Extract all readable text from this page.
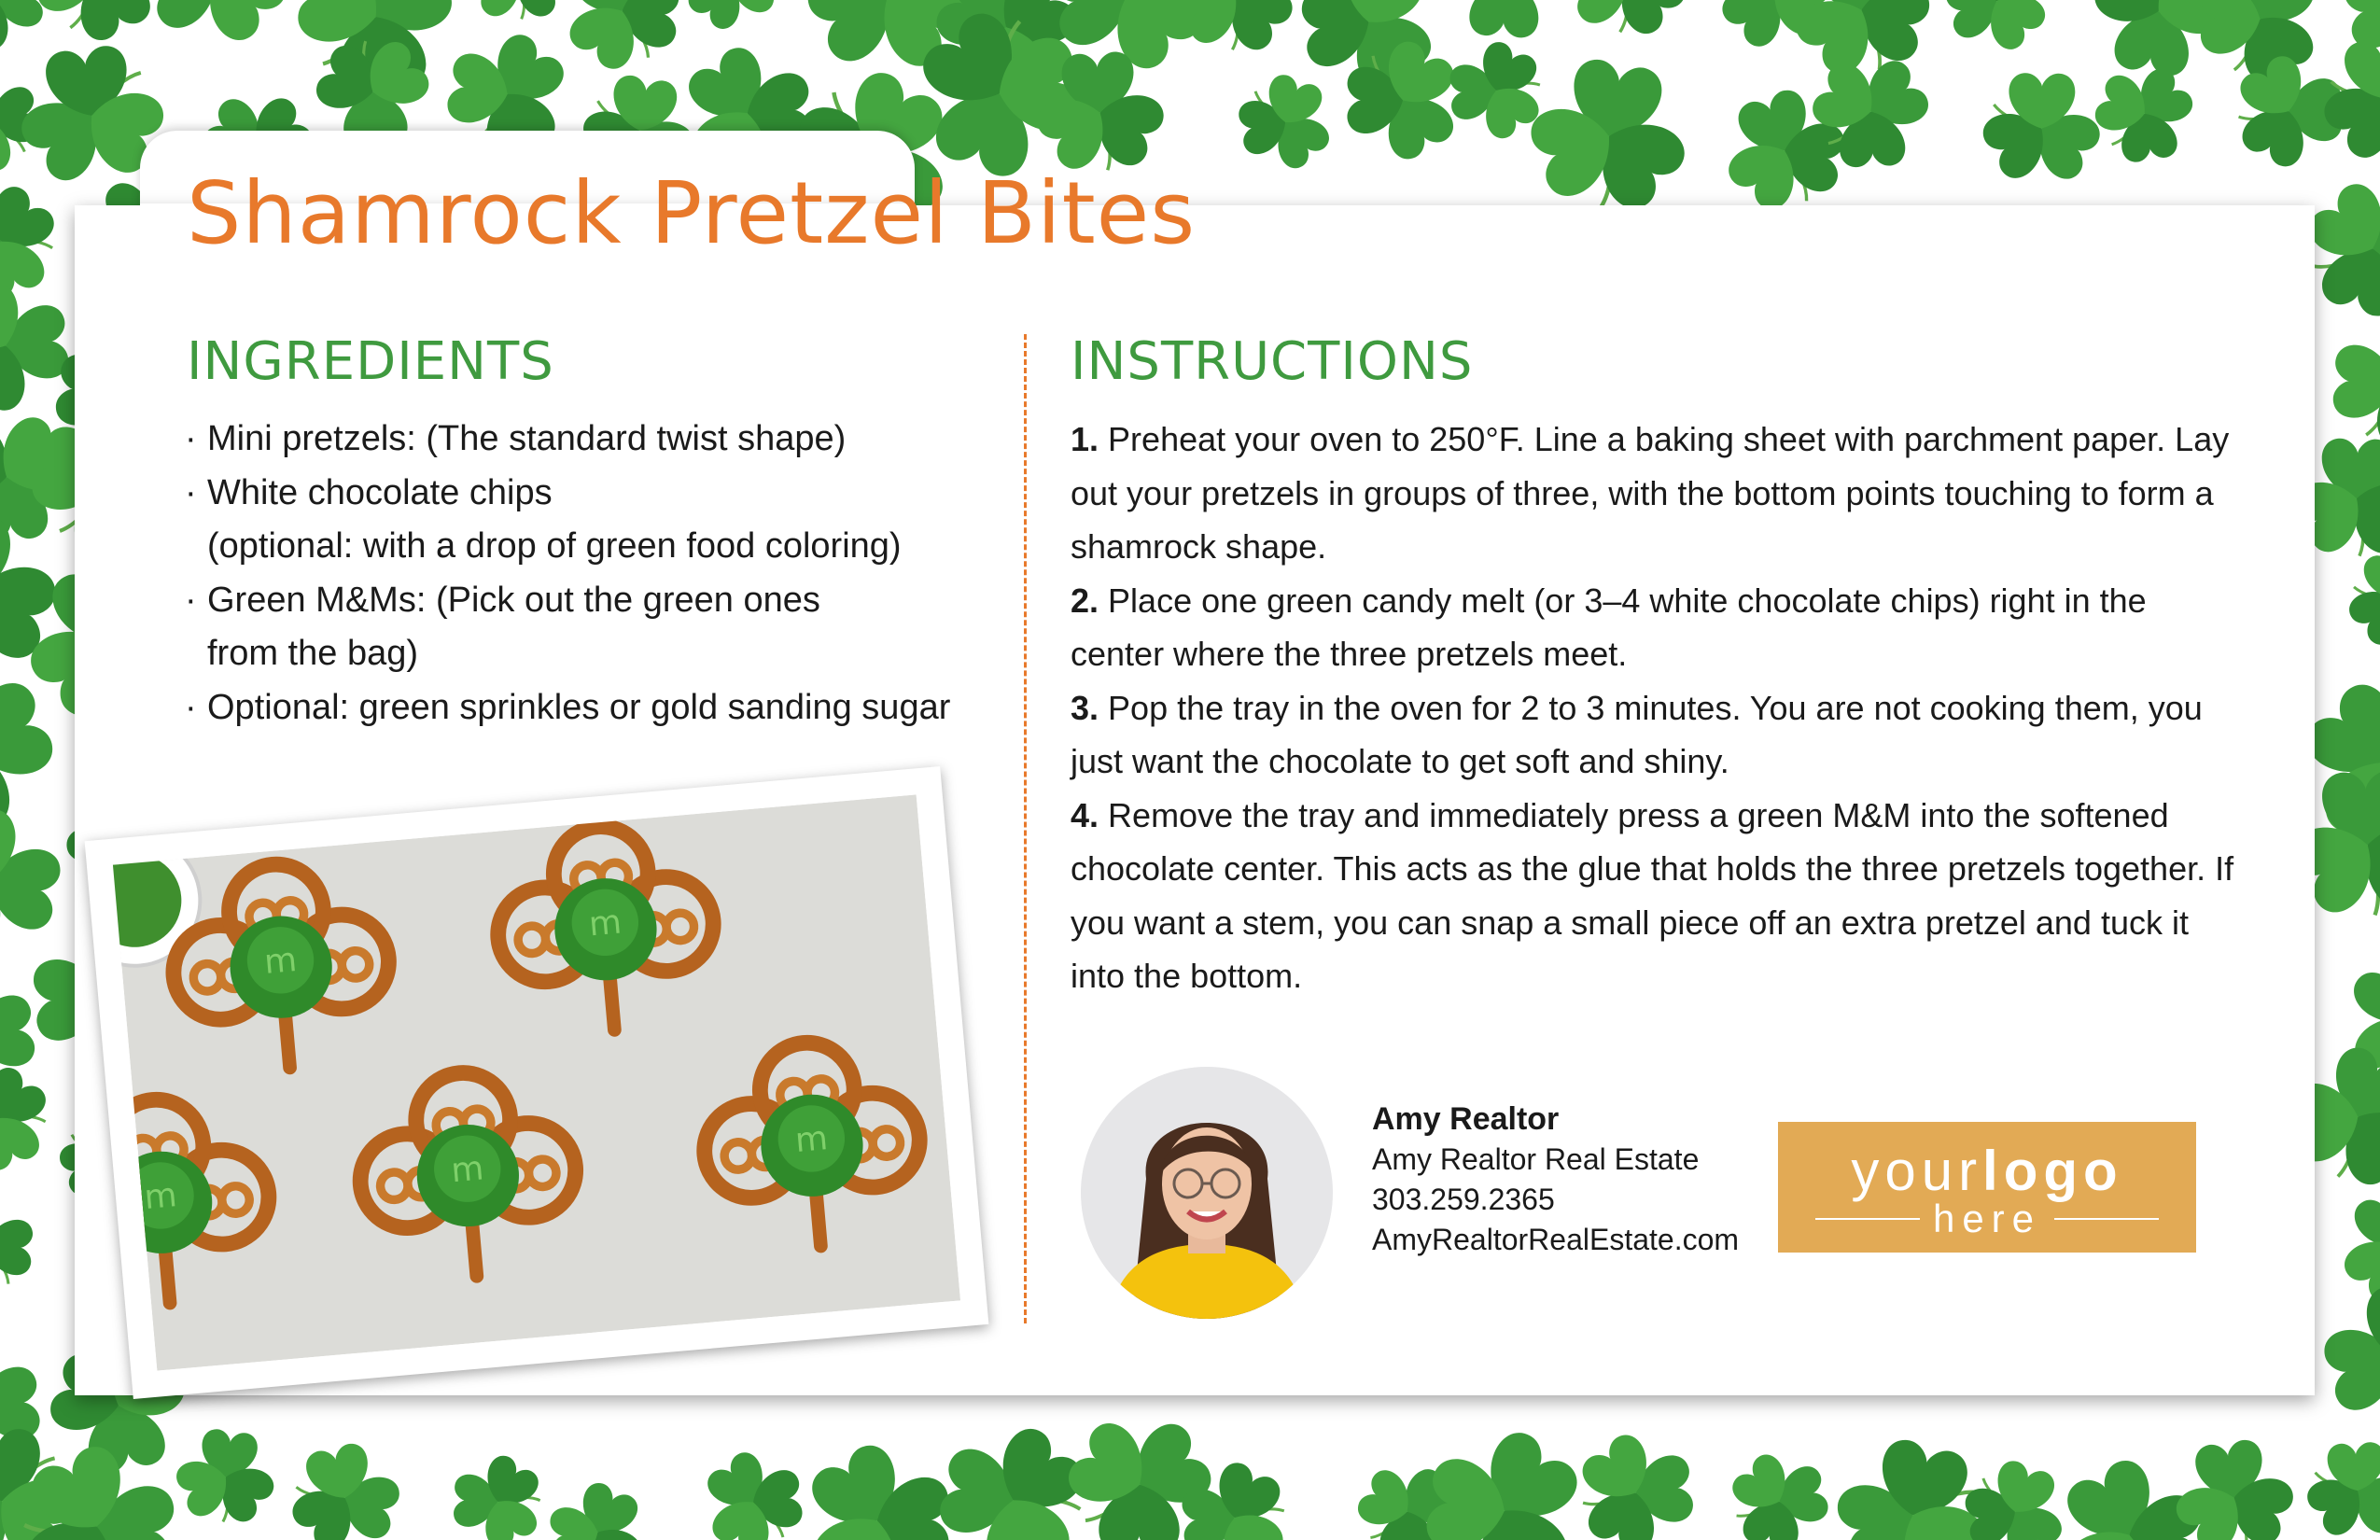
Shamrock Pretzel Bites
INGREDIENTS
· Mini pretzels: (The standard twist shape)
· White chocolate chips
(optional: with a drop of green food coloring)
· Green M&Ms: (Pick out the green ones
from the bag)
· Optional: green sprinkles or gold sanding sugar
INSTRUCTIONS

1. Preheat your oven to 250°F. Line a baking sheet with parchment paper. Lay out your pretzels in groups of three, with the bottom points touching to form a shamrock shape.

2. Place one green candy melt (or 3–4 white chocolate chips) right in the center where the three pretzels meet.

3. Pop the tray in the oven for 2 to 3 minutes. You are not cooking them, you just want the chocolate to get soft and shiny.

4. Remove the tray and immediately press a green M&M into the softened chocolate center. This acts as the glue that holds the three pretzels together. If you want a stem, you can snap a small piece off an extra pretzel and tuck it into the bottom.

m
m
m
m
m
Amy Realtor
Amy Realtor Real Estate
303.259.2365
AmyRealtorRealEstate.com
yourlogo
here
